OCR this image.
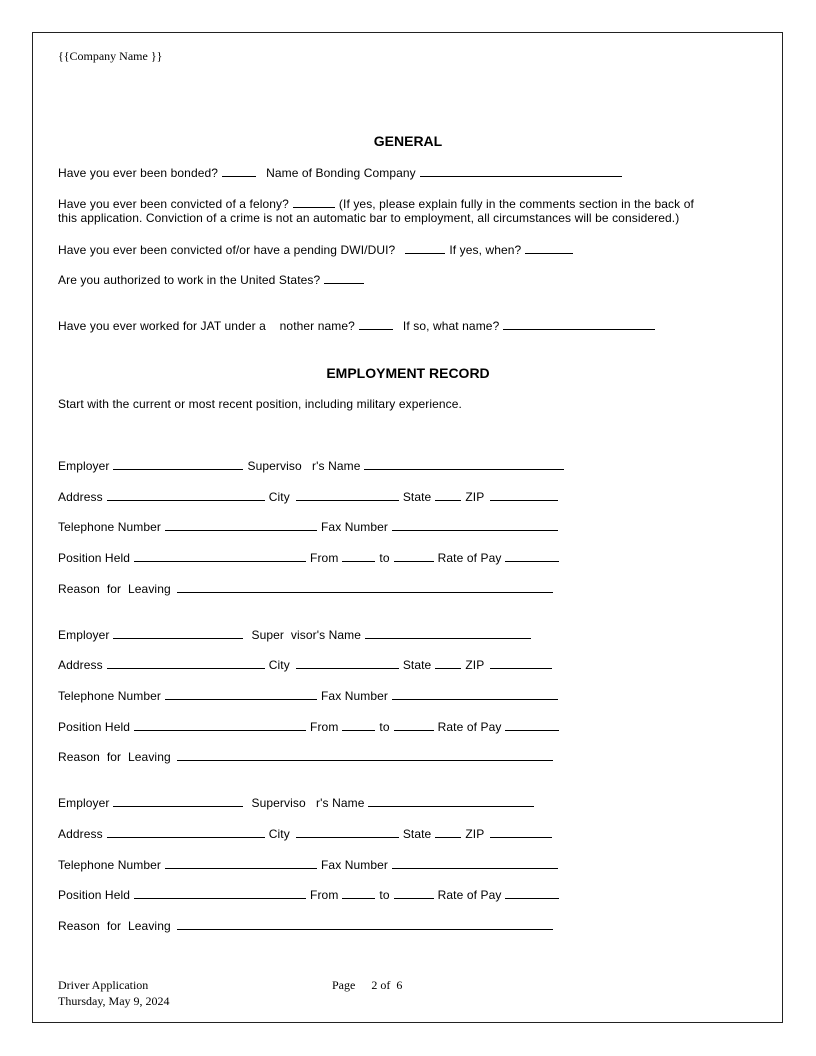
{{Company Name }}
GENERAL
Have you ever been bonded?	Name of Bonding Company
Have you ever been convicted of a felony?	(If yes, please explain fully in the comments section in the back of
this application. Conviction of a crime is not an automatic bar to employment, all circumstances will be considered.)
Have you ever been convicted of/or have a pending DWI/DUI?	If yes, when?
Are you authorized to work in the United States?
Have you ever worked for JAT under a    nother name?	If so, what name?
EMPLOYMENT RECORD
Start with the current or most recent position, including military experience.
Employer	Superviso   r's Name
Address	City	State	ZIP
Telephone Number	Fax Number
Position Held	From	to	Rate of Pay
Reason  for  Leaving
Employer	Super  visor's Name
Address	City	State	ZIP
Telephone Number	Fax Number
Position Held	From	to	Rate of Pay
Reason  for  Leaving
Employer	Superviso   r's Name
Address	City	State	ZIP
Telephone Number	Fax Number
Position Held	From	to	Rate of Pay
Reason  for  Leaving
Driver Application
Thursday, May 9, 2024
Page 2 of  6
